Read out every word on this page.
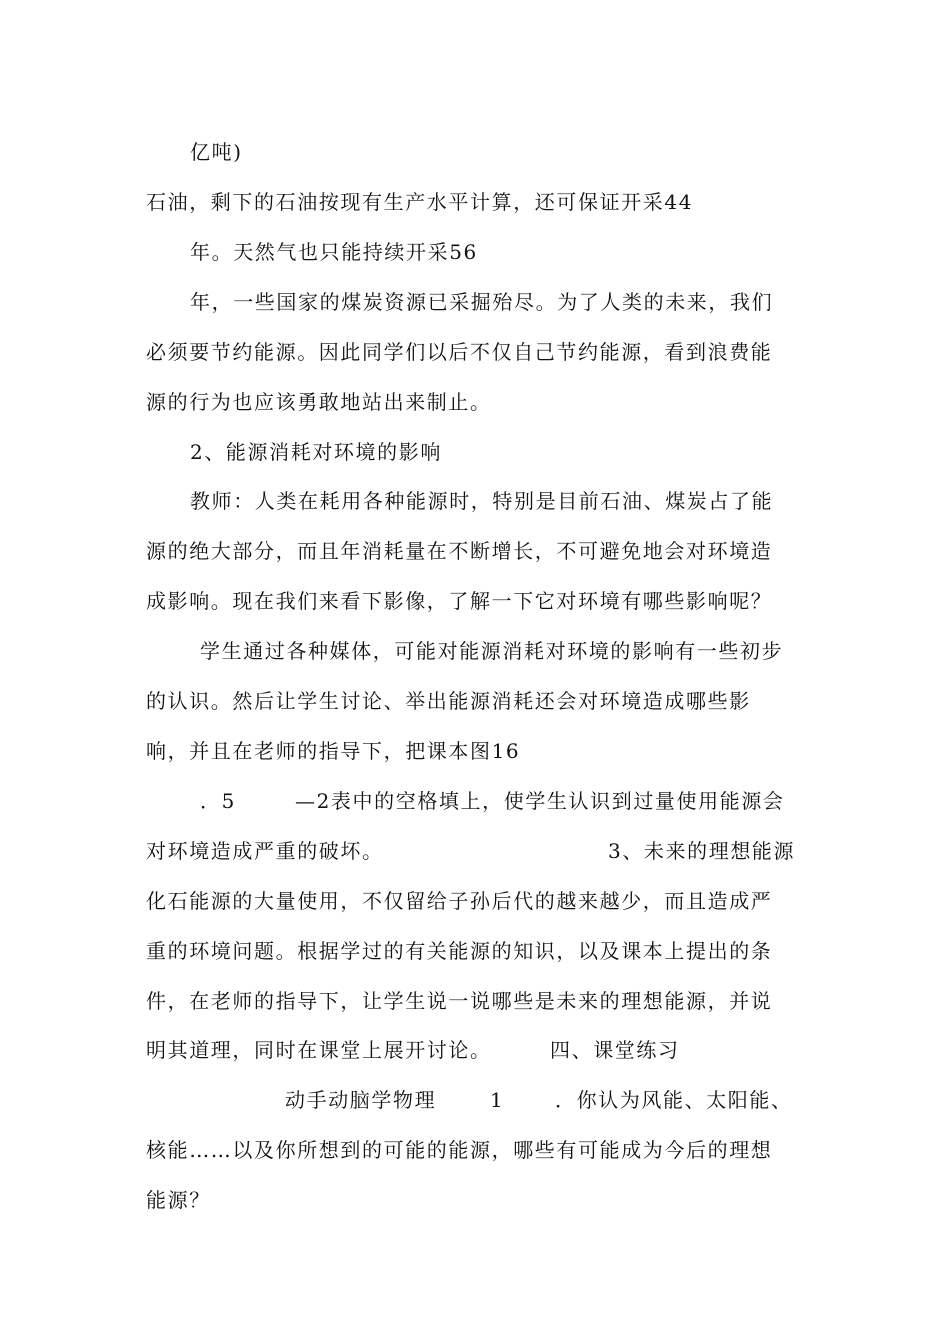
亿吨)
石油，剩下的石油按现有生产水平计算，还可保证开采44
年。天然气也只能持续开采56
年，一些国家的煤炭资源已采掘殆尽。为了人类的未来，我们
必须要节约能源。因此同学们以后不仅自己节约能源，看到浪费能
源的行为也应该勇敢地站出来制止。
2、能源消耗对环境的影响
教师：人类在耗用各种能源时，特别是目前石油、煤炭占了能
源的绝大部分，而且年消耗量在不断增长，不可避免地会对环境造
成影响。现在我们来看下影像，了解一下它对环境有哪些影响呢？
学生通过各种媒体，可能对能源消耗对环境的影响有一些初步
的认识。然后让学生讨论、举出能源消耗还会对环境造成哪些影
响，并且在老师的指导下，把课本图16
．5	—2表中的空格填上，使学生认识到过量使用能源会
对环境造成严重的破坏。	3、未来的理想能源
化石能源的大量使用，不仅留给子孙后代的越来越少，而且造成严
重的环境问题。根据学过的有关能源的知识，以及课本上提出的条
件，在老师的指导下，让学生说一说哪些是未来的理想能源，并说
明其道理，同时在课堂上展开讨论。	四、课堂练习
动手动脑学物理	1	．你认为风能、太阳能、
核能……以及你所想到的可能的能源，哪些有可能成为今后的理想
能源？
